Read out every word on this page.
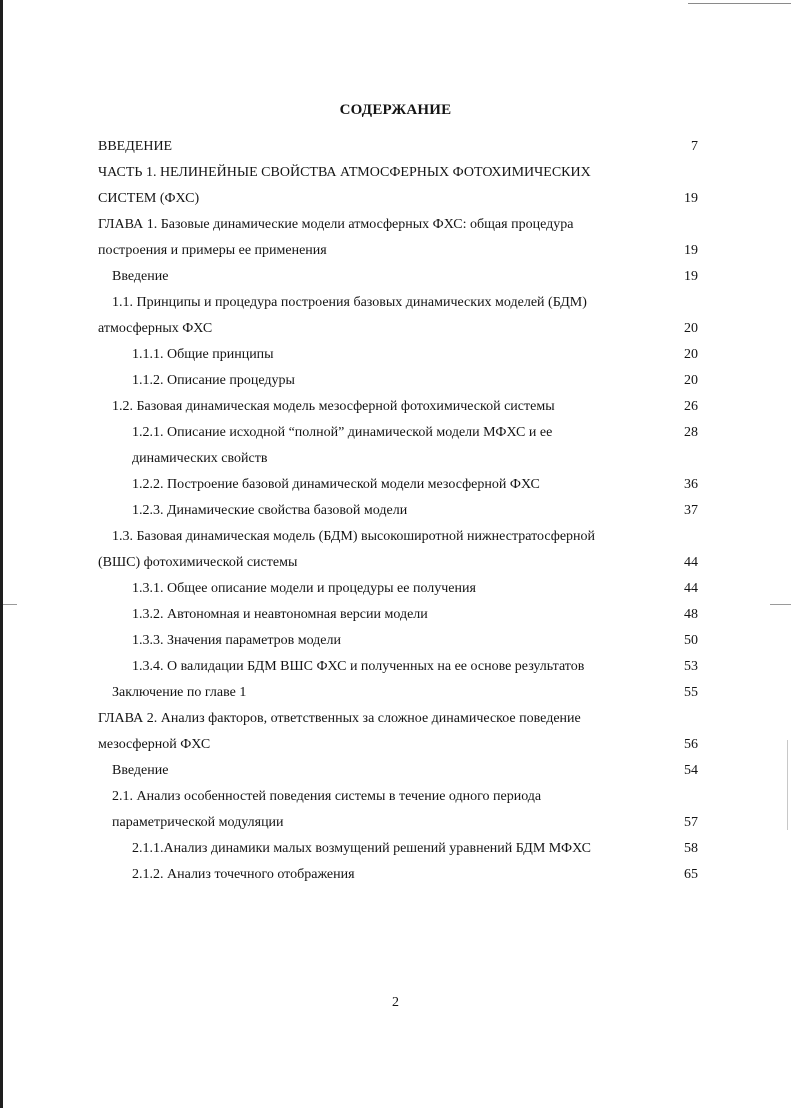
СОДЕРЖАНИЕ
ВВЕДЕНИЕ	7
ЧАСТЬ 1. НЕЛИНЕЙНЫЕ СВОЙСТВА АТМОСФЕРНЫХ ФОТОХИМИЧЕСКИХ
СИСТЕМ (ФХС)	19
ГЛАВА 1. Базовые динамические модели атмосферных ФХС: общая процедура
построения и примеры ее применения	19
Введение	19
1.1. Принципы и процедура построения базовых динамических моделей (БДМ)
атмосферных ФХС	20
1.1.1. Общие принципы	20
1.1.2. Описание процедуры	20
1.2. Базовая динамическая модель мезосферной фотохимической системы	26
1.2.1. Описание исходной “полной” динамической модели МФХС и ее	28
динамических свойств
1.2.2. Построение базовой динамической модели мезосферной ФХС	36
1.2.3. Динамические свойства базовой модели	37
1.3. Базовая динамическая модель (БДМ) высокоширотной нижнестратосферной
(ВШС) фотохимической системы	44
1.3.1. Общее описание модели и процедуры ее получения	44
1.3.2. Автономная и неавтономная версии модели	48
1.3.3. Значения параметров модели	50
1.3.4. О валидации БДМ ВШС ФХС и полученных на ее основе результатов	53
Заключение по главе 1	55
ГЛАВА 2. Анализ факторов, ответственных за сложное динамическое поведение
мезосферной ФХС	56
Введение	54
2.1. Анализ особенностей поведения системы в течение одного периода
параметрической модуляции	57
2.1.1.Анализ динамики малых возмущений решений уравнений БДМ МФХС	58
2.1.2. Анализ точечного отображения	65
2
